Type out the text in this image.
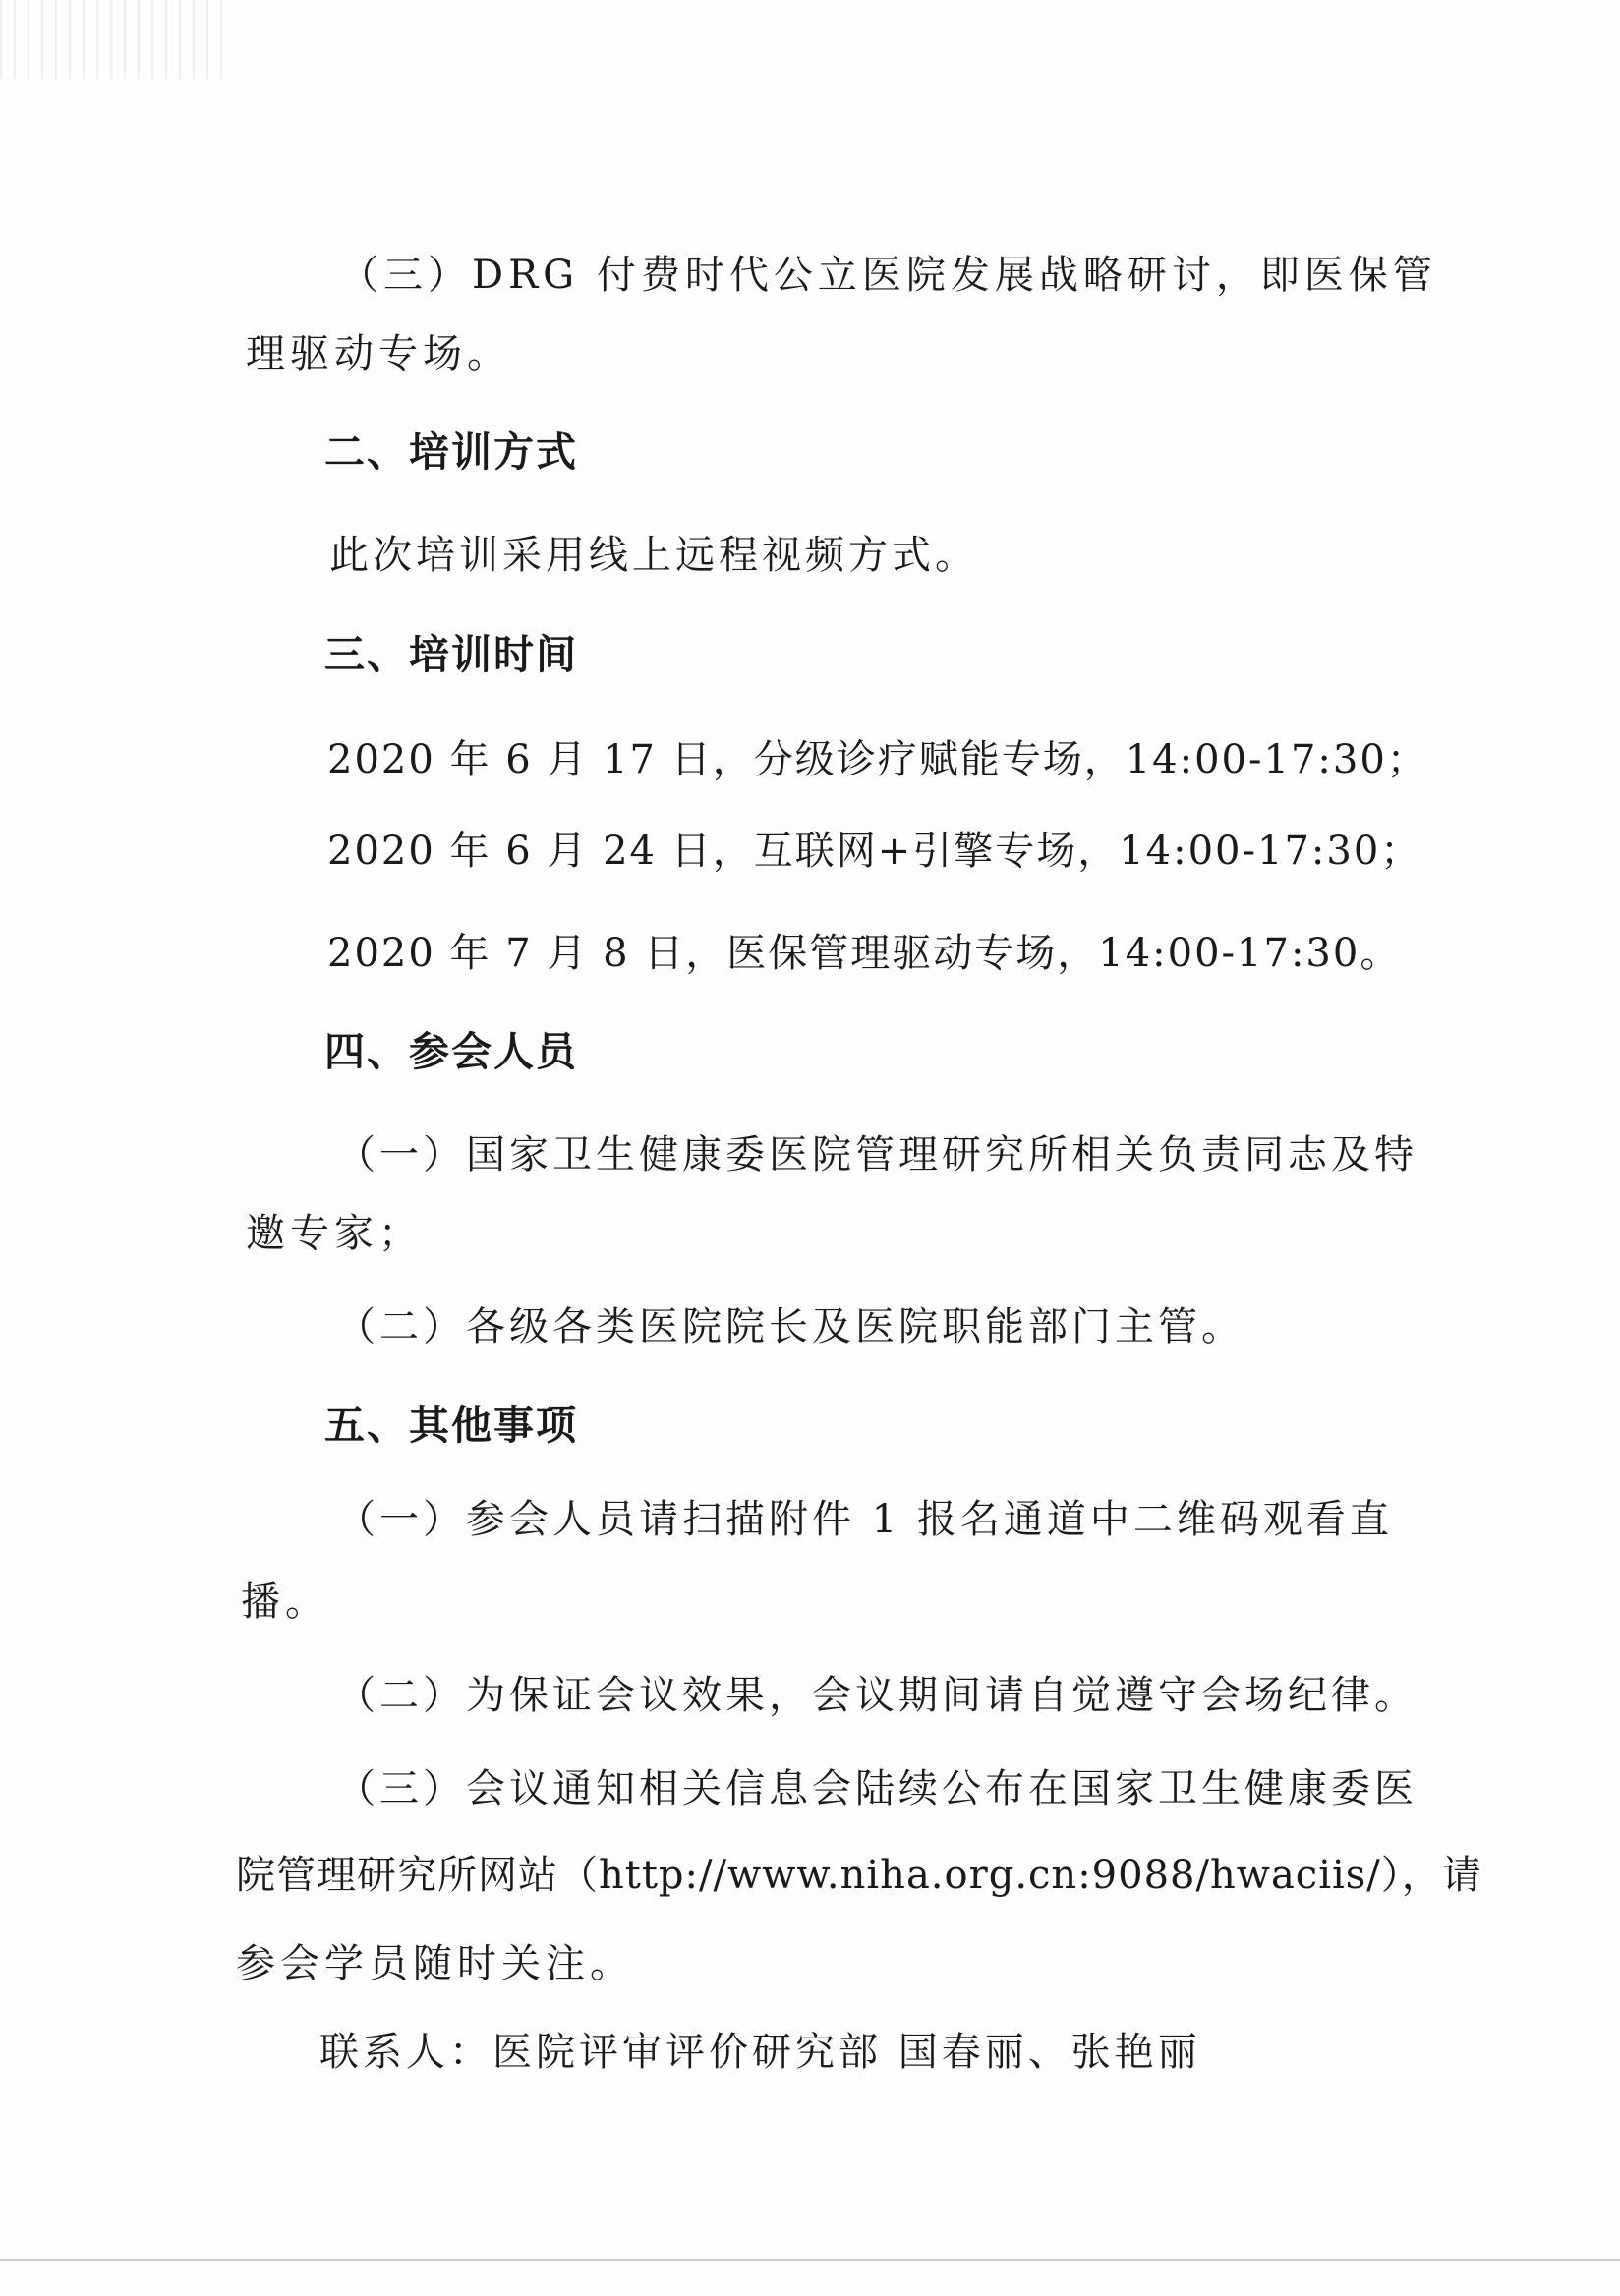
（三）DRG 付费时代公立医院发展战略研讨，即医保管
理驱动专场。
二、培训方式
此次培训采用线上远程视频方式。
三、培训时间
2020 年 6 月 17 日，分级诊疗赋能专场，14:00-17:30；
2020 年 6 月 24 日，互联网+引擎专场，14:00-17:30；
2020 年 7 月 8 日，医保管理驱动专场，14:00-17:30。
四、参会人员
（一）国家卫生健康委医院管理研究所相关负责同志及特
邀专家；
（二）各级各类医院院长及医院职能部门主管。
五、其他事项
（一）参会人员请扫描附件 1 报名通道中二维码观看直
播。
（二）为保证会议效果，会议期间请自觉遵守会场纪律。
（三）会议通知相关信息会陆续公布在国家卫生健康委医
院管理研究所网站（http://www.niha.org.cn:9088/hwaciis/），请
参会学员随时关注。
联系人：医院评审评价研究部 国春丽、张艳丽
